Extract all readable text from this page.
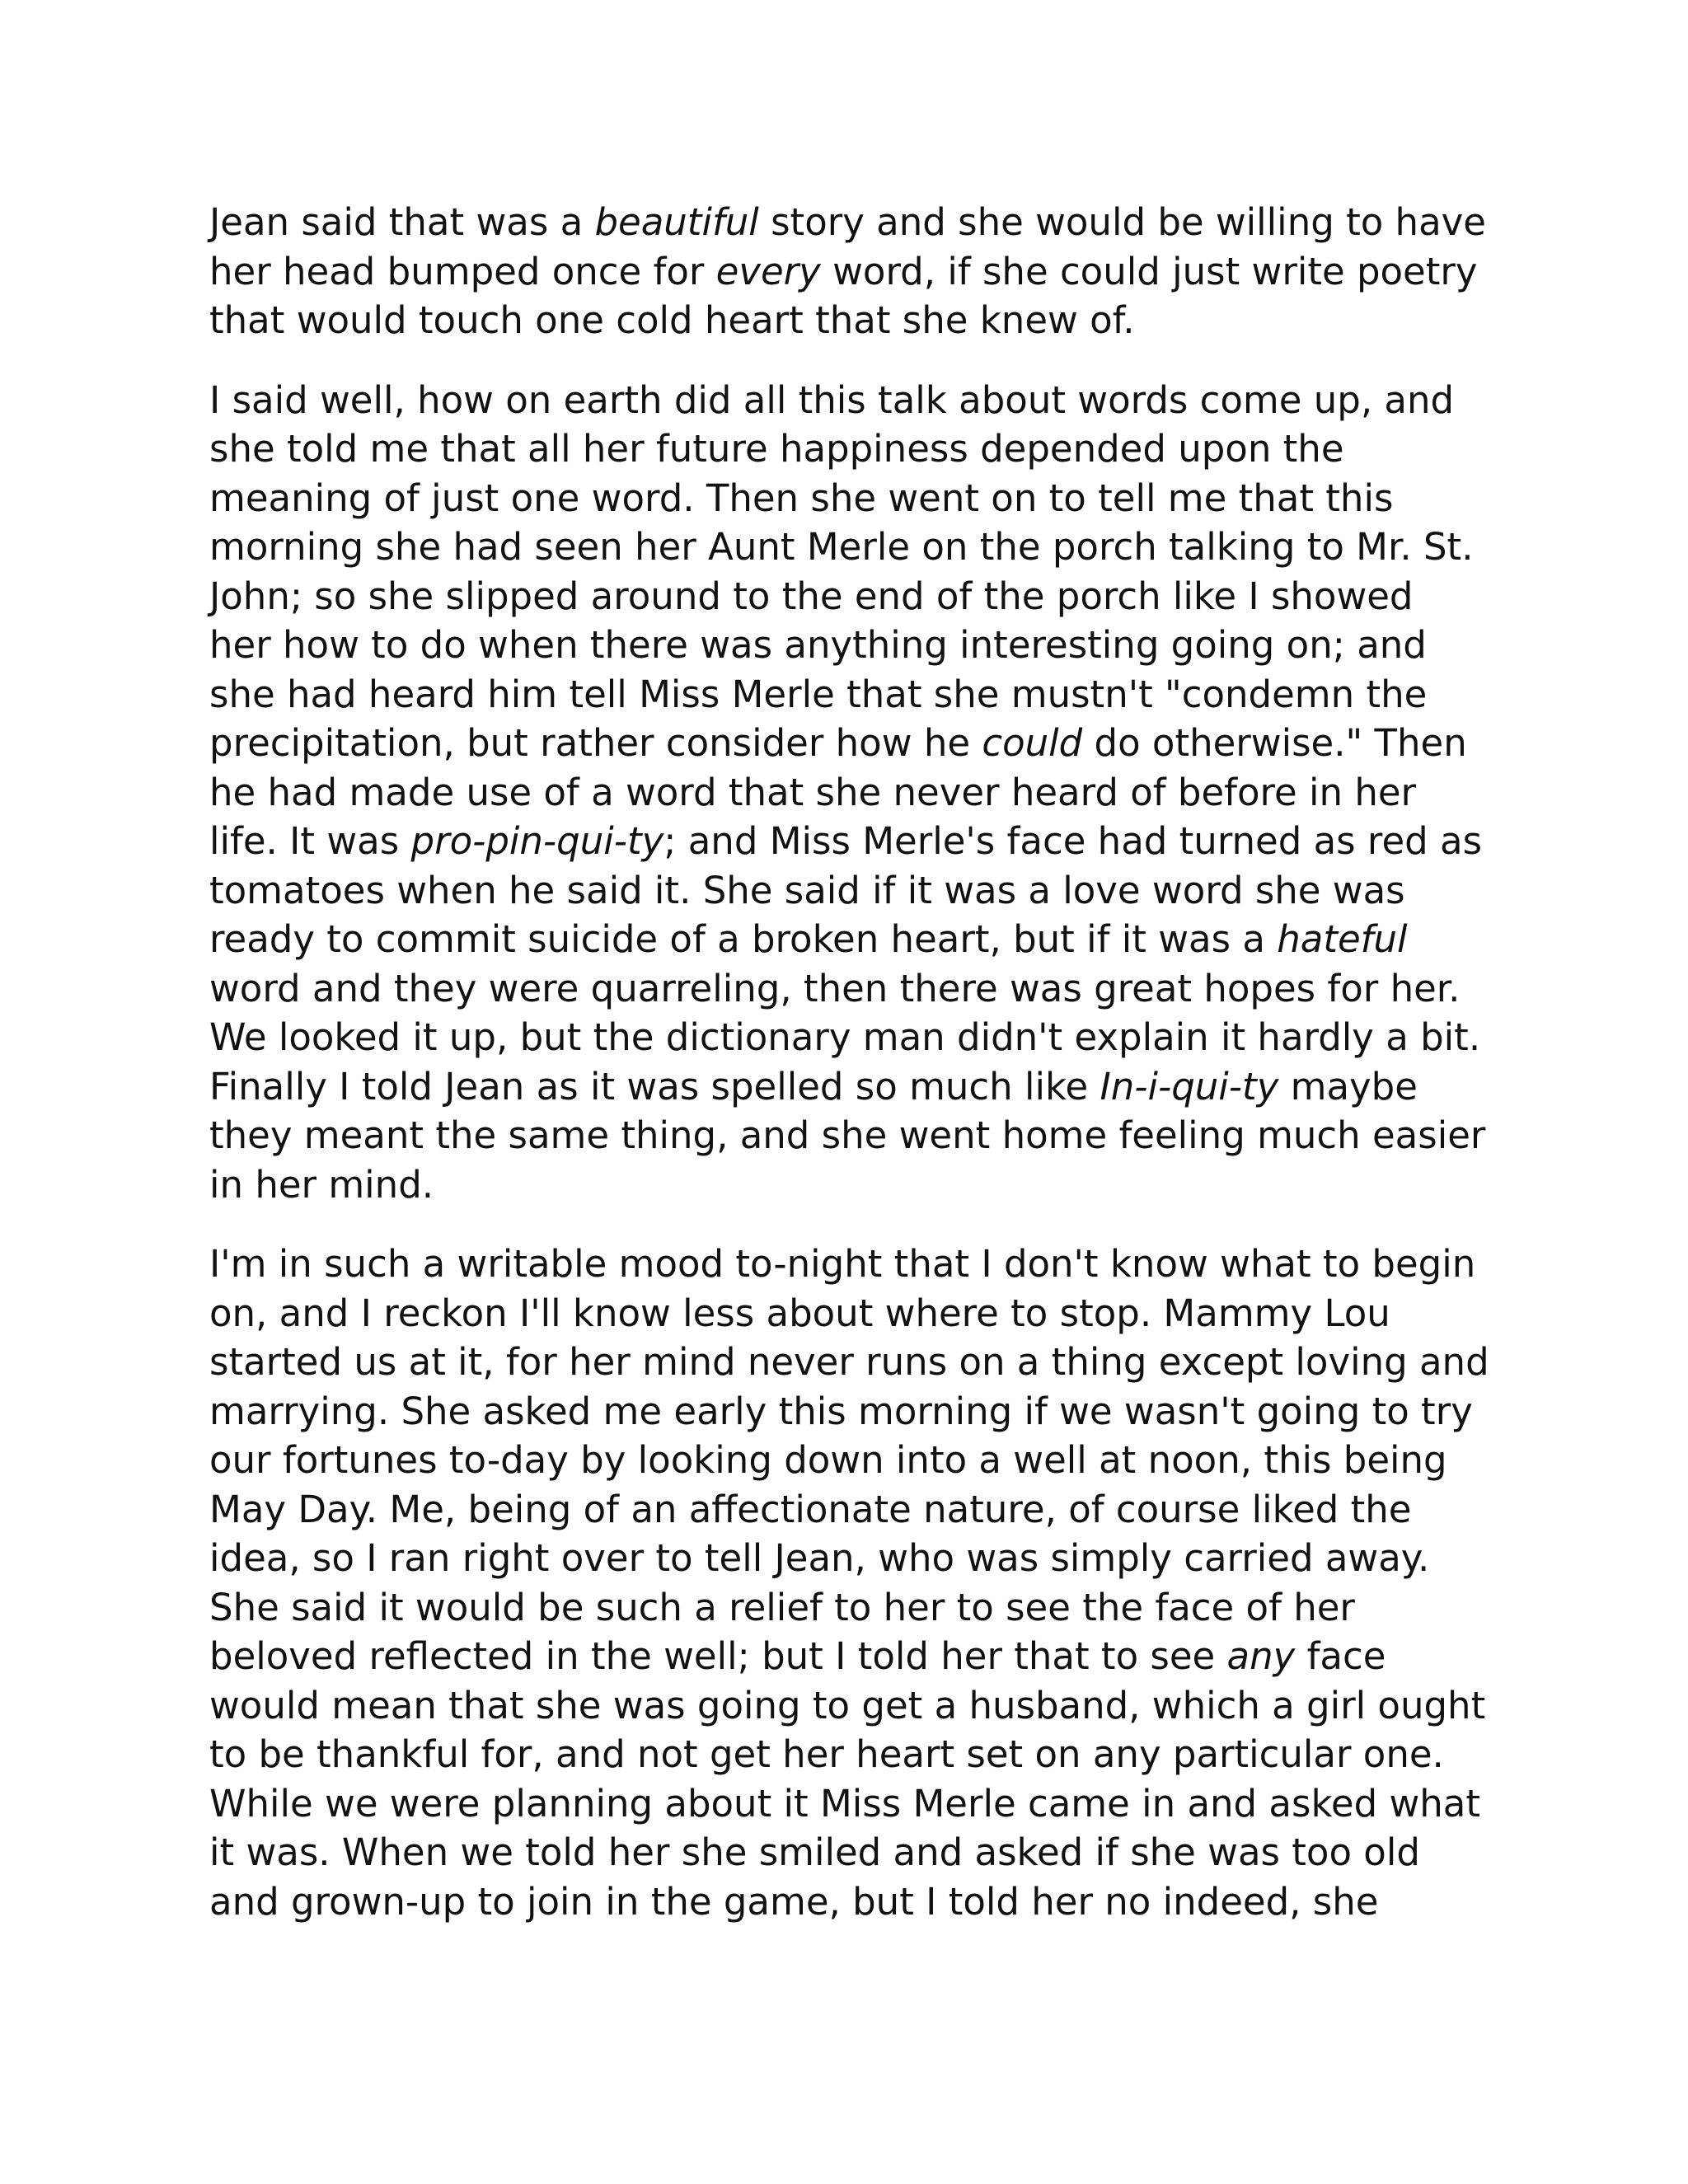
Jean said that was a beautiful story and she would be willing to have
her head bumped once for every word, if she could just write poetry
that would touch one cold heart that she knew of.
I said well, how on earth did all this talk about words come up, and
she told me that all her future happiness depended upon the
meaning of just one word. Then she went on to tell me that this
morning she had seen her Aunt Merle on the porch talking to Mr. St.
John; so she slipped around to the end of the porch like I showed
her how to do when there was anything interesting going on; and
she had heard him tell Miss Merle that she mustn't "condemn the
precipitation, but rather consider how he could do otherwise." Then
he had made use of a word that she never heard of before in her
life. It was pro-pin-qui-ty; and Miss Merle's face had turned as red as
tomatoes when he said it. She said if it was a love word she was
ready to commit suicide of a broken heart, but if it was a hateful
word and they were quarreling, then there was great hopes for her.
We looked it up, but the dictionary man didn't explain it hardly a bit.
Finally I told Jean as it was spelled so much like In-i-qui-ty maybe
they meant the same thing, and she went home feeling much easier
in her mind.
I'm in such a writable mood to-night that I don't know what to begin
on, and I reckon I'll know less about where to stop. Mammy Lou
started us at it, for her mind never runs on a thing except loving and
marrying. She asked me early this morning if we wasn't going to try
our fortunes to-day by looking down into a well at noon, this being
May Day. Me, being of an affectionate nature, of course liked the
idea, so I ran right over to tell Jean, who was simply carried away.
She said it would be such a relief to her to see the face of her
beloved reflected in the well; but I told her that to see any face
would mean that she was going to get a husband, which a girl ought
to be thankful for, and not get her heart set on any particular one.
While we were planning about it Miss Merle came in and asked what
it was. When we told her she smiled and asked if she was too old
and grown-up to join in the game, but I told her no indeed, she
